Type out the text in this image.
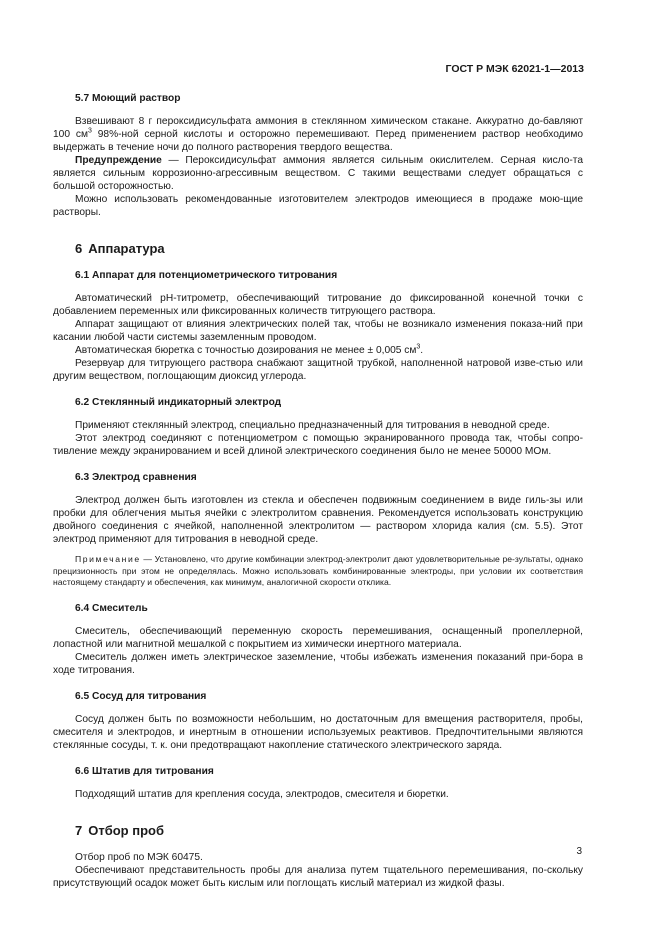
ГОСТ Р МЭК 62021-1—2013
5.7 Моющий раствор

Взвешивают 8 г пероксидисульфата аммония в стеклянном химическом стакане. Аккуратно до-бавляют 100 $см^3$ 98%-ной серной кислоты и осторожно перемешивают. Перед применением раствор необходимо выдержать в течение ночи до полного растворения твердого вещества.

Предупреждение — Пероксидисульфат аммония является сильным окислителем. Серная кисло-та является сильным коррозионно-агрессивным веществом. С такими веществами следует обращаться с большой осторожностью.

Можно использовать рекомендованные изготовителем электродов имеющиеся в продаже мою-щие растворы.

6 Аппаратура
6.1 Аппарат для потенциометрического титрования

Автоматический pH-титрометр, обеспечивающий титрование до фиксированной конечной точки с добавлением переменных или фиксированных количеств титрующего раствора.

Аппарат защищают от влияния электрических полей так, чтобы не возникало изменения показа-ний при касании любой части системы заземленным проводом.

Автоматическая бюретка с точностью дозирования не менее ± 0,005 $см^3$.

Резервуар для титрующего раствора снабжают защитной трубкой, наполненной натровой изве-стью или другим веществом, поглощающим диоксид углерода.

6.2 Стеклянный индикаторный электрод

Применяют стеклянный электрод, специально предназначенный для титрования в неводной среде.

Этот электрод соединяют с потенциометром с помощью экранированного провода так, чтобы сопро-тивление между экранированием и всей длиной электрического соединения было не менее 50000 МОм.

6.3 Электрод сравнения

Электрод должен быть изготовлен из стекла и обеспечен подвижным соединением в виде гиль-зы или пробки для облегчения мытья ячейки с электролитом сравнения. Рекомендуется использовать конструкцию двойного соединения с ячейкой, наполненной электролитом — раствором хлорида калия (см. 5.5). Этот электрод применяют для титрования в неводной среде.

Примечание — Установлено, что другие комбинации электрод-электролит дают удовлетворительные ре-зультаты, однако прецизионность при этом не определялась. Можно использовать комбинированные электроды, при условии их соответствия настоящему стандарту и обеспечения, как минимум, аналогичной скорости отклика.

6.4 Смеситель

Смеситель, обеспечивающий переменную скорость перемешивания, оснащенный пропеллерной, лопастной или магнитной мешалкой с покрытием из химически инертного материала.

Смеситель должен иметь электрическое заземление, чтобы избежать изменения показаний при-бора в ходе титрования.

6.5 Сосуд для титрования

Сосуд должен быть по возможности небольшим, но достаточным для вмещения растворителя, пробы, смесителя и электродов, и инертным в отношении используемых реактивов. Предпочтительными являются стеклянные сосуды, т. к. они предотвращают накопление статического электрического заряда.

6.6 Штатив для титрования

Подходящий штатив для крепления сосуда, электродов, смесителя и бюретки.

7 Отбор проб

Отбор проб по МЭК 60475.

Обеспечивают представительность пробы для анализа путем тщательного перемешивания, по-скольку присутствующий осадок может быть кислым или поглощать кислый материал из жидкой фазы.

3
